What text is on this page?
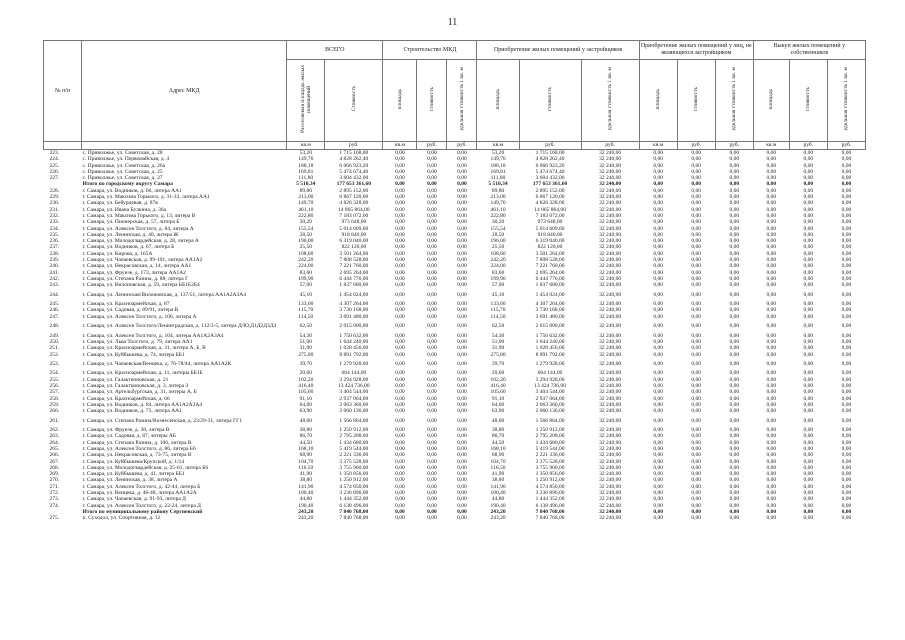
11
№ п/п	Адрес МКД	ВСЕГО		Строительство МКД			Приобретение жилых помещений у застройщиков			Приобретение жилых помещений у лиц, не являющихся застройщиком			Выкуп жилых помещений у собственников		
		Расселяемая площадь жилых помещений	Стоимость	площадь	стоимость	удельная стоимость 1 кв. м	площадь	стоимость	удельная стоимость 1 кв. м	площадь	стоимость	удельная стоимость 1 кв. м	площадь	стоимость	удельная стоимость 1 кв. м
		кв.м	руб.	кв.м	руб.	руб.	кв.м	руб.	руб.	кв.м	руб.	руб.	кв.м	руб.	руб.
223.	с. Приволжье, ул. Советская, д. 28	53,20	1 715 168,00	0,00	0,00	0,00	53,20	1 715 168,00	32 240,00	0,00	0,00	0,00	0,00	0,00	0,00
224.	с. Приволжье, ул. Первомайская, д. 4	149,76	4 828 262,40	0,00	0,00	0,00	149,76	4 828 262,40	32 240,00	0,00	0,00	0,00	0,00	0,00	0,00
225.	с. Приволжье, ул. Советская, д. 26а	188,18	6 066 923,20	0,00	0,00	0,00	188,18	6 066 923,20	32 240,00	0,00	0,00	0,00	0,00	0,00	0,00
226.	с. Приволжье, ул. Советская, д. 25	169,81	5 474 674,40	0,00	0,00	0,00	169,81	5 474 674,40	32 240,00	0,00	0,00	0,00	0,00	0,00	0,00
227.	с. Приволжье, ул. Советская, д. 27	111,80	3 604 432,00	0,00	0,00	0,00	111,80	3 604 432,00	32 240,00	0,00	0,00	0,00	0,00	0,00	0,00
	Итого по городскому округу Самара	5 510,34	177 653 361,60	0,00	0,00	0,00	5 510,34	177 653 361,60	32 240,00	0,00	0,00	0,00	0,00	0,00	0,00
228.	г. Самара, ул. Водников, д. 66, литера АА1	89,80	2 895 152,00	0,00	0,00	0,00	89,80	2 895 152,00	32 240,00	0,00	0,00	0,00	0,00	0,00	0,00
229.	г. Самара, ул. Максима Горького, д. 31-33, литера АА1	213,00	6 867 120,00	0,00	0,00	0,00	213,00	6 867 120,00	32 240,00	0,00	0,00	0,00	0,00	0,00	0,00
230.	г. Самара, ул. Бебурцевая, д. 87в	149,70	4 826 328,00	0,00	0,00	0,00	149,70	4 826 328,00	32 240,00	0,00	0,00	0,00	0,00	0,00	0,00
231.	г. Самара, ул. Ивана Булкина, д. 36а	461,10	14 865 864,00	0,00	0,00	0,00	461,10	14 865 864,00	32 240,00	0,00	0,00	0,00	0,00	0,00	0,00
232.	г. Самара, ул. Максима Горького, д. 13, литера В	222,80	7 183 072,00	0,00	0,00	0,00	222,80	7 183 072,00	32 240,00	0,00	0,00	0,00	0,00	0,00	0,00
233.	г. Самара, ул. Пионерская, д. 57, литера Б	30,20	973 648,00	0,00	0,00	0,00	30,20	973 648,00	32 240,00	0,00	0,00	0,00	0,00	0,00	0,00
234.	г. Самара, ул. Алексея Толстого, д. 84, литера А	155,54	5 014 609,60	0,00	0,00	0,00	155,54	5 014 609,60	32 240,00	0,00	0,00	0,00	0,00	0,00	0,00
235.	г. Самара, ул. Ленинская, д. 40, литера Ж	28,50	918 840,00	0,00	0,00	0,00	28,50	918 840,00	32 240,00	0,00	0,00	0,00	0,00	0,00	0,00
236.	г. Самара, ул. Молодогвардейская, д. 28, литера А	196,00	6 319 040,00	0,00	0,00	0,00	196,00	6 319 040,00	32 240,00	0,00	0,00	0,00	0,00	0,00	0,00
237.	г. Самара, ул. Водников, д. 67, литера Б	25,50	822 120,00	0,00	0,00	0,00	25,50	822 120,00	32 240,00	0,00	0,00	0,00	0,00	0,00	0,00
238.	г. Самара, ул. Кирова, д. 165А	108,60	3 501 264,00	0,00	0,00	0,00	108,60	3 501 264,00	32 240,00	0,00	0,00	0,00	0,00	0,00	0,00
239.	г. Самара, ул. Чапаевская, д. 99-101, литера АА1А2	242,20	7 808 528,00	0,00	0,00	0,00	242,20	7 808 528,00	32 240,00	0,00	0,00	0,00	0,00	0,00	0,00
240.	г. Самара, ул. Некрасовская, д. 14, литера АА1	224,00	7 221 760,00	0,00	0,00	0,00	224,00	7 221 760,00	32 240,00	0,00	0,00	0,00	0,00	0,00	0,00
241.	г. Самара, ул. Фрунзе, д. 173, литера АА1А2	83,60	2 695 264,00	0,00	0,00	0,00	83,60	2 695 264,00	32 240,00	0,00	0,00	0,00	0,00	0,00	0,00
242.	г. Самара, ул. Степана Разина, д. 88, литера Г	199,90	6 444 776,00	0,00	0,00	0,00	199,90	6 444 776,00	32 240,00	0,00	0,00	0,00	0,00	0,00	0,00
243.	г. Самара, ул. Вилоновская, д. 59, литера ББ1Б2Б4	57,00	1 837 680,00	0,00	0,00	0,00	57,00	1 837 680,00	32 240,00	0,00	0,00	0,00	0,00	0,00	0,00
244.	г. Самара, ул. Ленинская/Вилоновская, д. 137/51, литера АА1А2А3А4	45,10	1 454 024,00	0,00	0,00	0,00	45,10	1 454 024,00	32 240,00	0,00	0,00	0,00	0,00	0,00	0,00
245.	г. Самара, ул. Красноармейская, д. 87	133,60	4 307 264,00	0,00	0,00	0,00	133,60	4 307 264,00	32 240,00	0,00	0,00	0,00	0,00	0,00	0,00
246.	г. Самара, ул. Садовая, д. 89/91, литера В	115,70	3 730 168,00	0,00	0,00	0,00	115,70	3 730 168,00	32 240,00	0,00	0,00	0,00	0,00	0,00	0,00
247.	г. Самара, ул. Алексея Толстого, д. 106, литера А	114,50	3 691 480,00	0,00	0,00	0,00	114,50	3 691 480,00	32 240,00	0,00	0,00	0,00	0,00	0,00	0,00
248.	г. Самара, ул. Алексея Толстого/Ленинградская, д. 112/3-5, литера Д/Ю,Д1Д2Д3Д4	62,50	2 015 000,00	0,00	0,00	0,00	62,50	2 015 000,00	32 240,00	0,00	0,00	0,00	0,00	0,00	0,00
249.	г. Самара, ул. Алексея Толстого, д. 104, литера АА1А2А3А4	54,30	1 750 632,00	0,00	0,00	0,00	54,30	1 750 632,00	32 240,00	0,00	0,00	0,00	0,00	0,00	0,00
250.	г. Самара, ул. Льва Толстого, д. 79, литера АА1	51,00	1 644 240,00	0,00	0,00	0,00	51,00	1 644 240,00	32 240,00	0,00	0,00	0,00	0,00	0,00	0,00
251.	г. Самара, ул. Красноармейская, д. 31, литера А, Б, В	31,90	1 028 456,00	0,00	0,00	0,00	31,90	1 028 456,00	32 240,00	0,00	0,00	0,00	0,00	0,00	0,00
252.	г. Самара, ул. Куйбышева, д. 74, литера ББ1	275,80	8 891 792,00	0,00	0,00	0,00	275,80	8 891 792,00	32 240,00	0,00	0,00	0,00	0,00	0,00	0,00
253.	г. Самара, ул. Чапаевская/Венцека, д. 76-78/44, литера АА1А2К	39,70	1 279 928,00	0,00	0,00	0,00	39,70	1 279 928,00	32 240,00	0,00	0,00	0,00	0,00	0,00	0,00
254.	г. Самара, ул. Красноармейская, д. 11, литеры ББ1Б	20,60	664 144,00	0,00	0,00	0,00	20,60	664 144,00	32 240,00	0,00	0,00	0,00	0,00	0,00	0,00
255.	г. Самара, ул. Галактионовская, д. 21	102,20	3 294 928,00	0,00	0,00	0,00	102,20	3 294 928,00	32 240,00	0,00	0,00	0,00	0,00	0,00	0,00
256.	г. Самара, ул. Галактионовская, д. 3, литера З	416,40	13 424 736,00	0,00	0,00	0,00	416,40	13 424 736,00	32 240,00	0,00	0,00	0,00	0,00	0,00	0,00
257.	г. Самара, ул. Артельбургская, д. 31, литеры А, Б	105,60	3 404 544,00	0,00	0,00	0,00	105,60	3 404 544,00	32 240,00	0,00	0,00	0,00	0,00	0,00	0,00
258.	г. Самара, ул. Красноармейская, д. 66	91,10	2 937 064,00	0,00	0,00	0,00	91,10	2 937 064,00	32 240,00	0,00	0,00	0,00	0,00	0,00	0,00
259.	г. Самара, ул. Водников, д. 84, литера АА1А2А3А4	64,00	2 063 360,00	0,00	0,00	0,00	64,00	2 063 360,00	32 240,00	0,00	0,00	0,00	0,00	0,00	0,00
260.	г. Самара, ул. Водников, д. 73, литера АА1	63,90	2 060 136,00	0,00	0,00	0,00	63,90	2 060 136,00	32 240,00	0,00	0,00	0,00	0,00	0,00	0,00
261.	г. Самара, ул. Степана Разина/Вознесенская, д. 23/29-31, литера ГГ1	48,60	1 566 864,00	0,00	0,00	0,00	48,60	1 566 864,00	32 240,00	0,00	0,00	0,00	0,00	0,00	0,00
262.	г. Самара, ул. Фрунзе, д. 38, литера В	38,80	1 250 912,00	0,00	0,00	0,00	38,80	1 250 912,00	32 240,00	0,00	0,00	0,00	0,00	0,00	0,00
263.	г. Самара, ул. Садовая, д. 87, литеры АБ	86,70	2 795 208,00	0,00	0,00	0,00	86,70	2 795 208,00	32 240,00	0,00	0,00	0,00	0,00	0,00	0,00
264.	г. Самара, ул. Степана Разина, д. 106, литера В	44,50	1 434 680,00	0,00	0,00	0,00	44,50	1 434 680,00	32 240,00	0,00	0,00	0,00	0,00	0,00	0,00
265.	г. Самара, ул. Алексея Толстого, д. 86, литера Б6	168,10	5 419 544,00	0,00	0,00	0,00	168,10	5 419 544,00	32 240,00	0,00	0,00	0,00	0,00	0,00	0,00
266.	г. Самара, ул. Некрасовская, д. 73-75, литера В	68,90	2 221 336,00	0,00	0,00	0,00	68,90	2 221 336,00	32 240,00	0,00	0,00	0,00	0,00	0,00	0,00
267.	г. Самара, ул. Куйбышева/Крупской, д. 1/14	104,70	3 375 528,00	0,00	0,00	0,00	104,70	3 375 528,00	32 240,00	0,00	0,00	0,00	0,00	0,00	0,00
268.	г. Самара, ул. Молодогвардейская, д. 25-61, литера Б6	116,50	3 755 960,00	0,00	0,00	0,00	116,50	3 755 960,00	32 240,00	0,00	0,00	0,00	0,00	0,00	0,00
269.	г. Самара, ул. Куйбышева, д. 41, литера ББ1	41,90	1 350 856,00	0,00	0,00	0,00	41,90	1 350 856,00	32 240,00	0,00	0,00	0,00	0,00	0,00	0,00
270.	г. Самара, ул. Ленинская, д. 38, литера А	38,80	1 250 912,00	0,00	0,00	0,00	38,80	1 250 912,00	32 240,00	0,00	0,00	0,00	0,00	0,00	0,00
271.	г. Самара, ул. Алексея Толстого, д. 42-44, литера Б	141,90	4 574 856,00	0,00	0,00	0,00	141,90	4 574 856,00	32 240,00	0,00	0,00	0,00	0,00	0,00	0,00
272.	г. Самара, ул. Венцека, д. 46-48, литера АА1А2А	100,40	3 236 896,00	0,00	0,00	0,00	100,40	3 236 896,00	32 240,00	0,00	0,00	0,00	0,00	0,00	0,00
273.	г. Самара, ул. Чапаевская, д. 91-93, литера Д	44,80	1 444 352,00	0,00	0,00	0,00	44,80	1 444 352,00	32 240,00	0,00	0,00	0,00	0,00	0,00	0,00
274.	г. Самара, ул. Алексея Толстого, д. 22-24, литера Д	190,40	6 138 496,00	0,00	0,00	0,00	190,40	6 138 496,00	32 240,00	0,00	0,00	0,00	0,00	0,00	0,00
	Итого по муниципальному району Сергиевский	243,20	7 840 768,00	0,00	0,00	0,00	243,20	7 840 768,00	32 240,00	0,00	0,00	0,00	0,00	0,00	0,00
275.	п. Суходол, ул. Спортивная, д. 12	243,20	7 840 768,00	0,00	0,00	0,00	243,20	7 840 768,00	32 240,00	0,00	0,00	0,00	0,00	0,00	0,00
